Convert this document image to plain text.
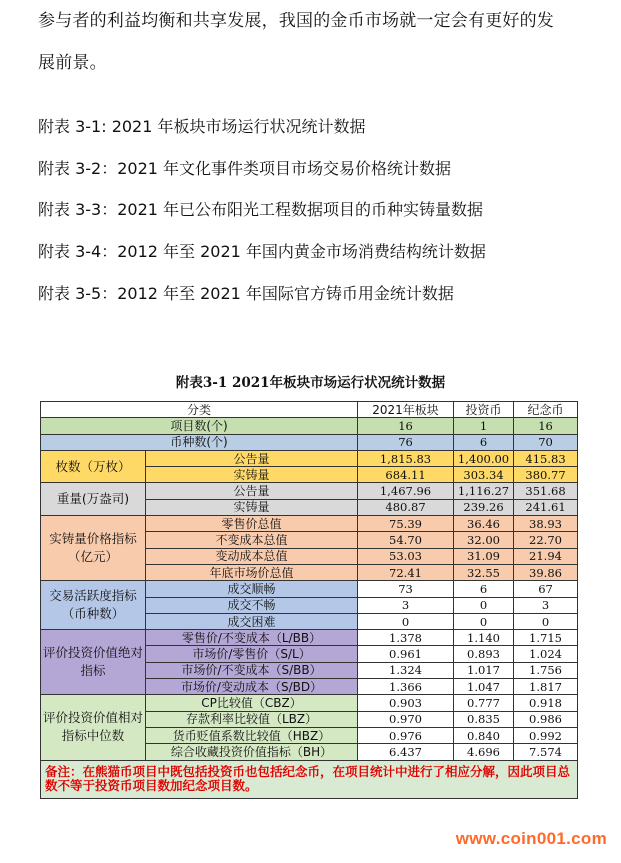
参与者的利益均衡和共享发展，我国的金币市场就一定会有更好的发
展前景。
附表 3-1: 2021 年板块市场运行状况统计数据
附表 3-2：2021 年文化事件类项目市场交易价格统计数据
附表 3-3：2021 年已公布阳光工程数据项目的币种实铸量数据
附表 3-4：2012 年至 2021 年国内黄金市场消费结构统计数据
附表 3-5：2012 年至 2021 年国际官方铸币用金统计数据
附表3-1 2021年板块市场运行状况统计数据
分类		2021年板块	投资币	纪念币
项目数(个)		16	1	16
币种数(个)		76	6	70
枚数（万枚）	公告量	1,815.83	1,400.00	415.83
	实铸量	684.11	303.34	380.77
重量(万盎司)	公告量	1,467.96	1,116.27	351.68
	实铸量	480.87	239.26	241.61
实铸量价格指标（亿元）	零售价总值	75.39	36.46	38.93
	不变成本总值	54.70	32.00	22.70
	变动成本总值	53.03	31.09	21.94
	年底市场价总值	72.41	32.55	39.86
交易活跃度指标（币种数）	成交顺畅	73	6	67
	成交不畅	3	0	3
	成交困难	0	0	0
评价投资价值绝对指标	零售价/不变成本（L/BB）	1.378	1.140	1.715
	市场价/零售价（S/L）	0.961	0.893	1.024
	市场价/不变成本（S/BB）	1.324	1.017	1.756
	市场价/变动成本（S/BD）	1.366	1.047	1.817
评价投资价值相对指标中位数	CP比较值（CBZ）	0.903	0.777	0.918
	存款利率比较值（LBZ）	0.970	0.835	0.986
	货币贬值系数比较值（HBZ）	0.976	0.840	0.992
	综合收藏投资价值指标（BH）	6.437	4.696	7.574
备注：在熊猫币项目中既包括投资币也包括纪念币，在项目统计中进行了相应分解，因此项目总数不等于投资币项目数加纪念项目数。				
www.coin001.com
